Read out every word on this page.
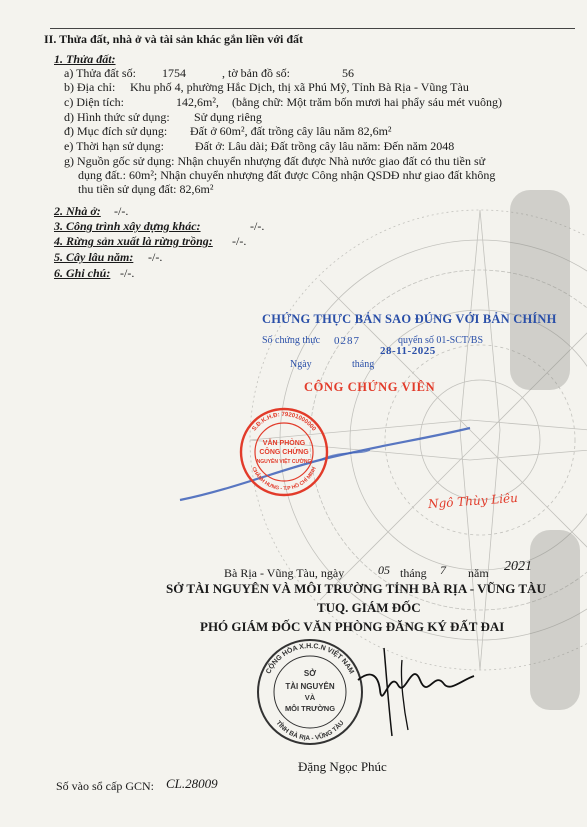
II. Thửa đất, nhà ở và tài sản khác gắn liền với đất
1. Thửa đất:
a) Thửa đất số: 1754	, tờ bản đồ số:	56
b) Địa chỉ: Khu phố 4, phường Hắc Dịch, thị xã Phú Mỹ, Tỉnh Bà Rịa - Vũng Tàu
c) Diện tích:	142,6m², (bằng chữ: Một trăm bốn mươi hai phẩy sáu mét vuông)
d) Hình thức sử dụng: Sử dụng riêng
đ) Mục đích sử dụng: Đất ở 60m², đất trồng cây lâu năm 82,6m²
e) Thời hạn sử dụng:	Đất ở: Lâu dài; Đất trồng cây lâu năm: Đến năm 2048
g) Nguồn gốc sử dụng: Nhận chuyển nhượng đất được Nhà nước giao đất có thu tiền sử
dụng đất.: 60m²; Nhận chuyển nhượng đất được Công nhận QSDĐ như giao đất không
thu tiền sử dụng đất: 82,6m²
2. Nhà ở: -/-.
3. Công trình xây dựng khác:	-/-.
4. Rừng sản xuất là rừng trồng: -/-.
5. Cây lâu năm: -/-.
6. Ghi chú: -/-.
CHỨNG THỰC BẢN SAO ĐÚNG VỚI BẢN CHÍNH
Số chứng thực 0287	quyển số 01-SCT/BS
Ngày	tháng
28-11-2025
CÔNG CHỨNG VIÊN
S.Đ.K.H.Đ: 79201000000
CHÂNH HƯNG - T.P HỒ CHÍ MINH
VĂN PHÒNG
CÔNG CHỨNG
NGUYỄN VIỆT CƯỜNG
Ngô Thùy Liêu
Bà Rịa - Vũng Tàu, ngày	05 tháng 7 năm 2021
SỞ TÀI NGUYÊN VÀ MÔI TRƯỜNG TỈNH BÀ RỊA - VŨNG TÀU
TUQ. GIÁM ĐỐC
PHÓ GIÁM ĐỐC VĂN PHÒNG ĐĂNG KÝ ĐẤT ĐAI
CỘNG HÒA X.H.C.N VIỆT NAM
TỈNH BÀ RỊA - VŨNG TÀU
SỞ
TÀI NGUYÊN
VÀ
MÔI TRƯỜNG
Đặng Ngọc Phúc
Số vào sổ cấp GCN: CL.28009
